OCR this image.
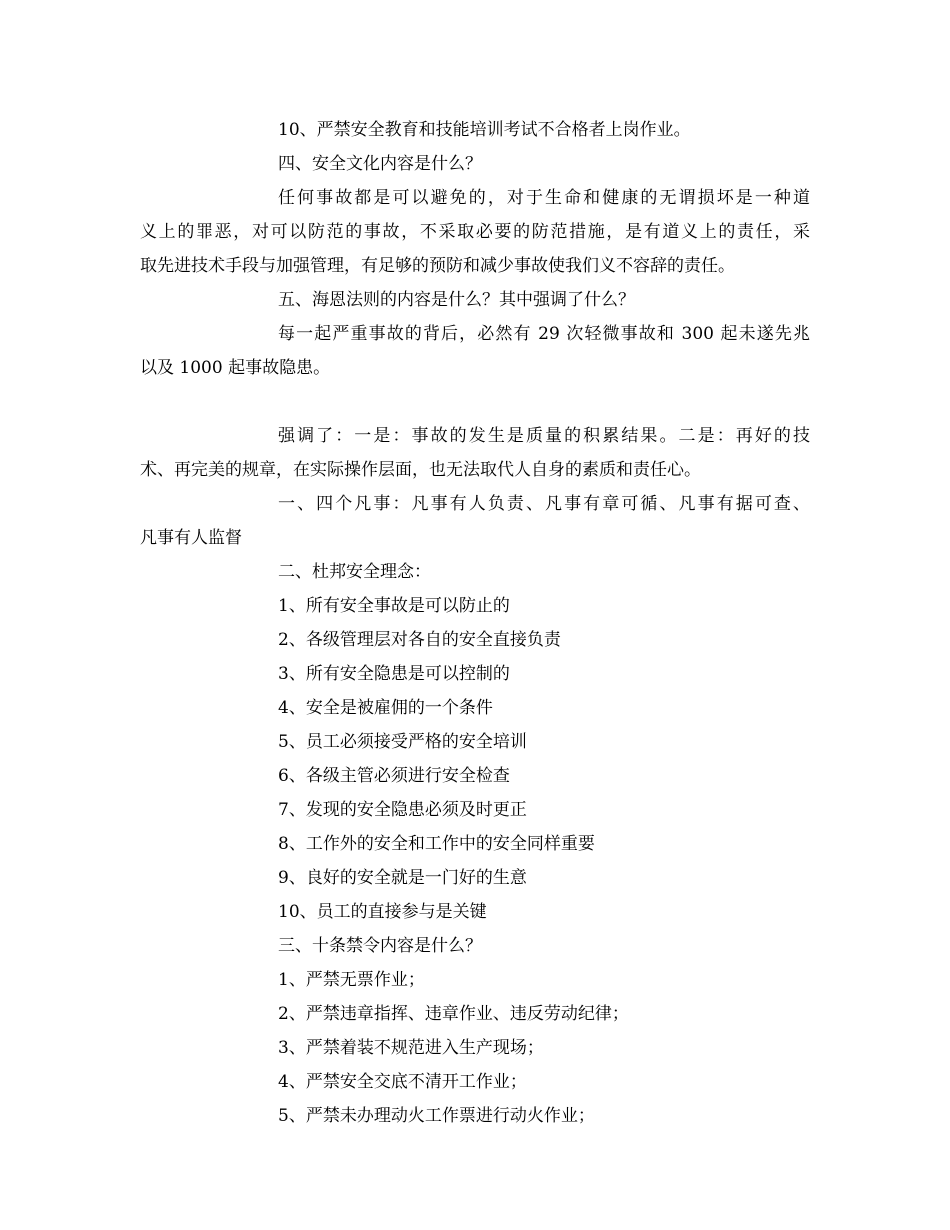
10、严禁安全教育和技能培训考试不合格者上岗作业。
四、安全文化内容是什么？
任何事故都是可以避免的，对于生命和健康的无谓损坏是一种道
义上的罪恶，对可以防范的事故，不采取必要的防范措施，是有道义上的责任，采
取先进技术手段与加强管理，有足够的预防和减少事故使我们义不容辞的责任。
五、海恩法则的内容是什么？其中强调了什么？
每一起严重事故的背后，必然有 29 次轻微事故和 300 起未遂先兆
以及 1000 起事故隐患。
强调了：一是：事故的发生是质量的积累结果。二是：再好的技
术、再完美的规章，在实际操作层面，也无法取代人自身的素质和责任心。
一、四个凡事：凡事有人负责、凡事有章可循、凡事有据可查、
凡事有人监督
二、杜邦安全理念：
1、所有安全事故是可以防止的
2、各级管理层对各自的安全直接负责
3、所有安全隐患是可以控制的
4、安全是被雇佣的一个条件
5、员工必须接受严格的安全培训
6、各级主管必须进行安全检查
7、发现的安全隐患必须及时更正
8、工作外的安全和工作中的安全同样重要
9、良好的安全就是一门好的生意
10、员工的直接参与是关键
三、十条禁令内容是什么？
1、严禁无票作业；
2、严禁违章指挥、违章作业、违反劳动纪律；
3、严禁着装不规范进入生产现场；
4、严禁安全交底不清开工作业；
5、严禁未办理动火工作票进行动火作业；
